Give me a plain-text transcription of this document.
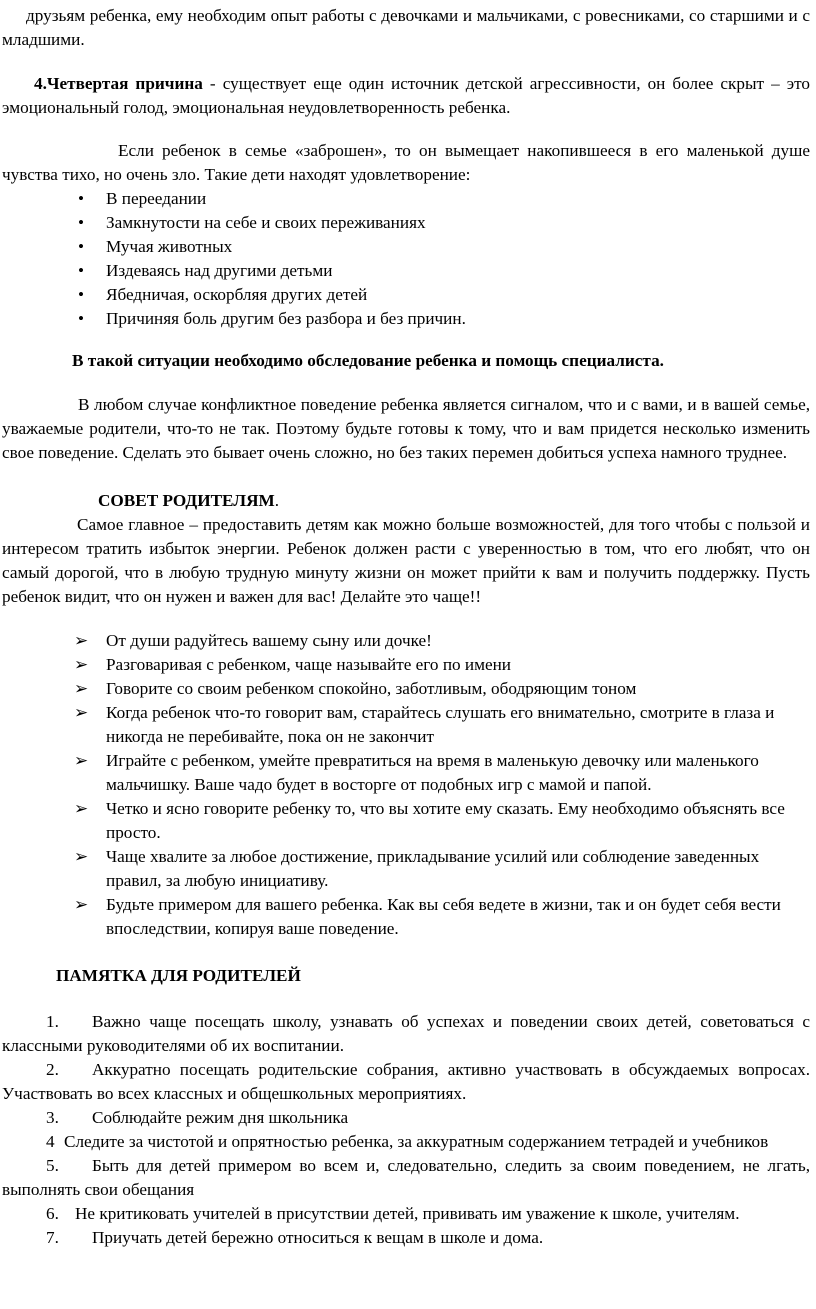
друзьям ребенка, ему необходим опыт работы с девочками и мальчиками, с ровесниками, со старшими и с младшими.

4.Четвертая причина - существует еще один источник детской агрессивности, он более скрыт – это эмоциональный голод, эмоциональная неудовлетворенность ребенка.

Если ребенок в семье «заброшен», то он вымещает накопившееся в его маленькой душе чувства тихо, но очень зло. Такие дети находят удовлетворение:

• В переедании
• Замкнутости на себе и своих переживаниях
• Мучая животных
• Издеваясь над другими детьми
• Ябедничая, оскорбляя других детей
• Причиняя боль другим без разбора и без причин.

В такой ситуации необходимо обследование ребенка и помощь специалиста.

В любом случае конфликтное поведение ребенка является сигналом, что и с вами, и в вашей семье, уважаемые родители, что-то не так. Поэтому будьте готовы к тому, что и вам придется несколько изменить свое поведение. Сделать это бывает очень сложно, но без таких перемен добиться успеха намного труднее.

СОВЕТ РОДИТЕЛЯМ.

Самое главное – предоставить детям как можно больше возможностей, для того чтобы с пользой и интересом тратить избыток энергии. Ребенок должен расти с уверенностью в том, что его любят, что он самый дорогой, что в любую трудную минуту жизни он может прийти к вам и получить поддержку. Пусть ребенок видит, что он нужен и важен для вас! Делайте это чаще!!

➢ От души радуйтесь вашему сыну или дочке!
➢ Разговаривая с ребенком, чаще называйте его по имени
➢ Говорите со своим ребенком спокойно, заботливым, ободряющим тоном
➢ Когда ребенок что-то говорит вам, старайтесь слушать его внимательно, смотрите в глаза и никогда не перебивайте, пока он не закончит
➢ Играйте с ребенком, умейте превратиться на время в маленькую девочку или маленького мальчишку. Ваше чадо будет в восторге от подобных игр с мамой и папой.
➢ Четко и ясно говорите ребенку то, что вы хотите ему сказать. Ему необходимо объяснять все просто.
➢ Чаще хвалите за любое достижение, прикладывание усилий или соблюдение заведенных правил, за любую инициативу.
➢ Будьте примером для вашего ребенка. Как вы себя ведете в жизни, так и он будет себя вести впоследствии, копируя ваше поведение.

ПАМЯТКА ДЛЯ РОДИТЕЛЕЙ

1. Важно чаще посещать школу, узнавать об успехах и поведении своих детей, советоваться с классными руководителями об их воспитании.

2. Аккуратно посещать родительские собрания, активно участвовать в обсуждаемых вопросах. Участвовать во всех классных и общешкольных мероприятиях.

3. Соблюдайте режим дня школьника

4 Следите за чистотой и опрятностью ребенка, за аккуратным содержанием тетрадей и учебников

5. Быть для детей примером во всем и, следовательно, следить за своим поведением, не лгать, выполнять свои обещания

6. Не критиковать учителей в присутствии детей, прививать им уважение к школе, учителям.

7. Приучать детей бережно относиться к вещам в школе и дома.
